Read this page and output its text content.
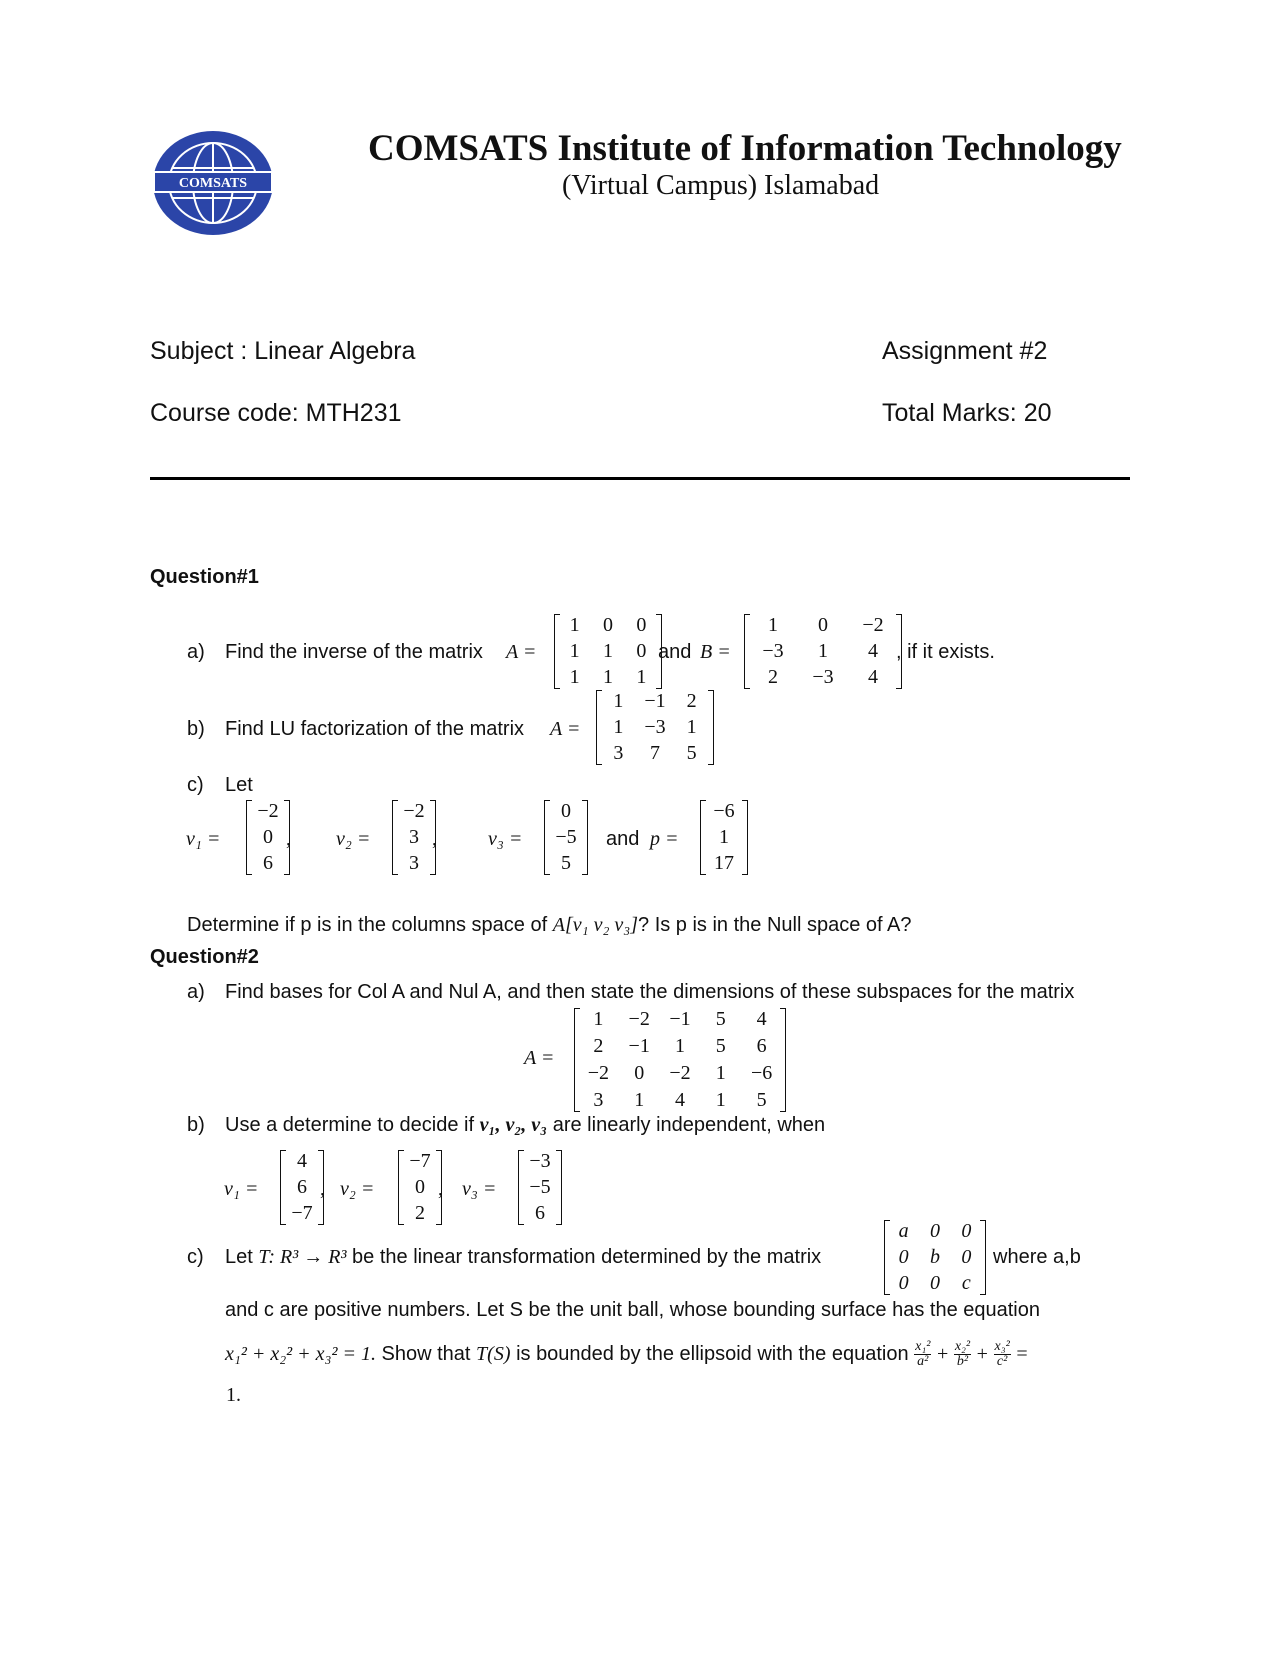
COMSATS
COMSATS Institute of Information Technology
(Virtual Campus) Islamabad
Subject : Linear Algebra
Course code: MTH231
Assignment #2
Total Marks: 20
Question#1
a) Find the inverse of the matrix A =
1	0	0
1	1	0
1	1	1
and B =
1	0	−2
−3	1	4
2	−3	4
, if it exists.
b) Find LU factorization of the matrix A =
1	−1	2
1	−3	1
3	7	5
c) Let
v₁ =
−2
0
6
, v₂ =
−2
3
3
,	v₃ =
0
−5
5
and p =
−6
1
17
Determine if p is in the columns space of A[v₁ v₂ v₃]? Is p is in the Null space of A?
Question#2
a) Find bases for Col A and Nul A, and then state the dimensions of these subspaces for the matrix
A =
1	−2 −1	5	4
2	−1	1	5	6
−2	0	−2	1	−6
3	1	4	1	5
b) Use a determine to decide if v₁, v₂, v₃ are linearly independent, when
v₁ =
4
6
−7
, v₂ =
−7
0
2
, v₃ =
−3
−5
6
c) Let T: R³ → R³ be the linear transformation determined by the matrix
a	0	0
0	b	0
0	0	c
where a,b
and c are positive numbers. Let S be the unit ball, whose bounding surface has the equation
x₁² + x₂² + x₃² = 1. Show that T(S) is bounded by the ellipsoid with the equation $\frac{\text{x₁²}}{\text{a²}} + \frac{\text{x₂²}}{\text{b²}} + \frac{\text{x₃²}}{\text{c²}}$ =
1.
